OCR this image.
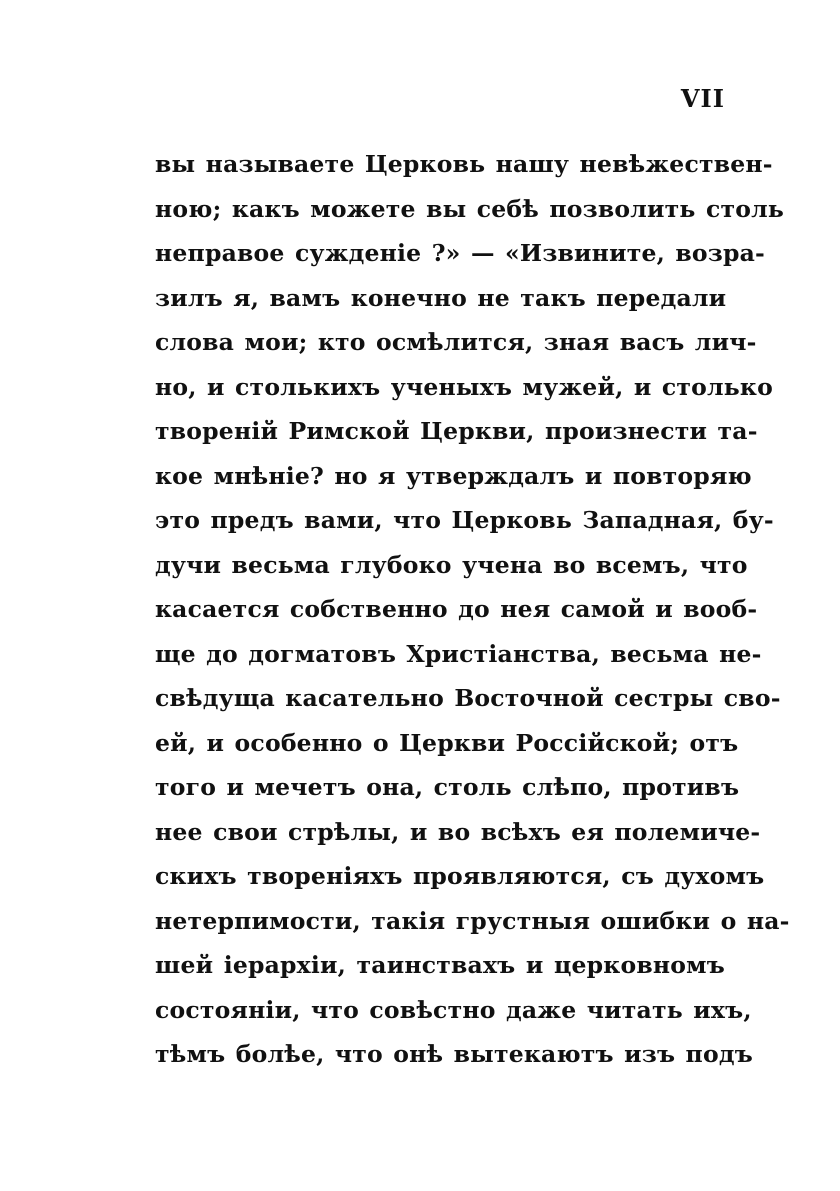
VII
вы называете Церковь нашу невѣжествен-
ною; какъ можете вы себѣ позволить столь
неправое сужденіе ?» — «Извините, возра-
зилъ я, вамъ конечно не такъ передали
слова мои; кто осмѣлится, зная васъ лич-
но, и столькихъ ученыхъ мужей, и столько
твореній Римской Церкви, произнести та-
кое мнѣніе? но я утверждалъ и повторяю
это предъ вами, что Церковь Западная, бу-
дучи весьма глубоко учена во всемъ, что
касается собственно до нея самой и вооб-
ще до догматовъ Христіанства, весьма не-
свѣдуща касательно Восточной сестры сво-
ей, и особенно о Церкви Россійской; отъ
того и мечетъ она, столь слѣпо, противъ
нее свои стрѣлы, и во всѣхъ ея полемиче-
скихъ твореніяхъ проявляются, съ духомъ
нетерпимости, такія грустныя ошибки о на-
шей іерархіи, таинствахъ и церковномъ
состояніи, что совѣстно даже читать ихъ,
тѣмъ болѣе, что онѣ вытекаютъ изъ подъ
